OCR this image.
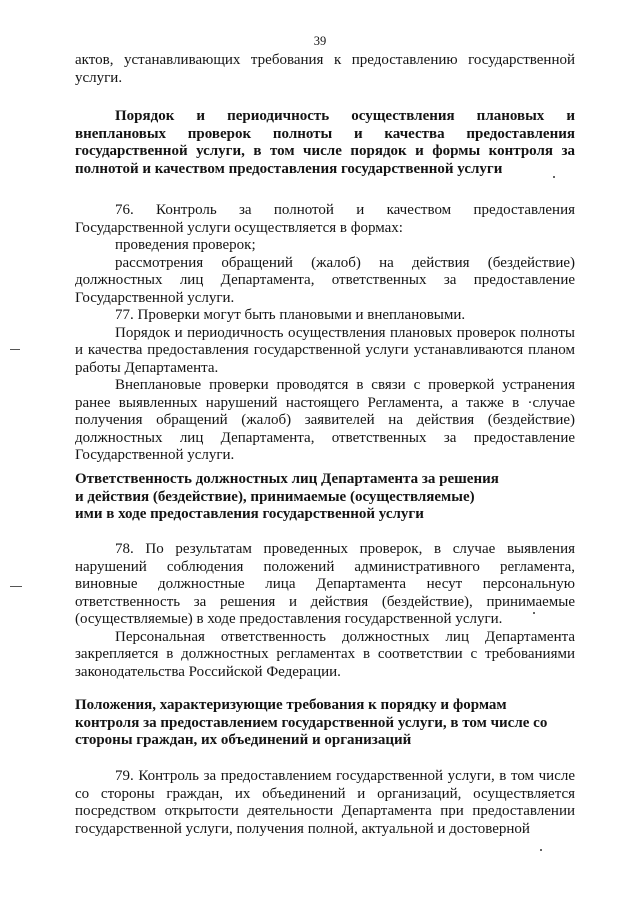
39

актов, устанавливающих требования к предоставлению государственной

услуги.

Порядок и периодичность осуществления плановых и внеплановых проверок полноты и качества предоставления государственной услуги, в том числе порядок и формы контроля за полнотой и качеством предоставления государственной услуги

76. Контроль за полнотой и качеством предоставления

Государственной услуги осуществляется в формах:

проведения проверок;

рассмотрения обращений (жалоб) на действия (бездействие) должностных лиц Департамента, ответственных за предоставление Государственной услуги.

77. Проверки могут быть плановыми и внеплановыми.

Порядок и периодичность осуществления плановых проверок полноты и качества предоставления государственной услуги устанавливаются планом работы Департамента.

Внеплановые проверки проводятся в связи с проверкой устранения ранее выявленных нарушений настоящего Регламента, а также в ·случае получения обращений (жалоб) заявителей на действия (бездействие) должностных лиц Департамента, ответственных за предоставление Государственной услуги.

Ответственность должностных лиц Департамента за решения
и действия (бездействие), принимаемые (осуществляемые)
ими в ходе предоставления государственной услуги

78. По результатам проведенных проверок, в случае выявления нарушений соблюдения положений административного регламента, виновные должностные лица Департамента несут персональную ответственность за решения и действия (бездействие), принимаемые (осуществляемые) в ходе предоставления государственной услуги.

Персональная ответственность должностных лиц Департамента закрепляется в должностных регламентах в соответствии с требованиями законодательства Российской Федерации.

Положения, характеризующие требования к порядку и формам
контроля за предоставлением государственной услуги, в том числе со
стороны граждан, их объединений и организаций

79. Контроль за предоставлением государственной услуги, в том числе со стороны граждан, их объединений и организаций, осуществляется посредством открытости деятельности Департамента при предоставлении государственной услуги, получения полной, актуальной и достоверной
